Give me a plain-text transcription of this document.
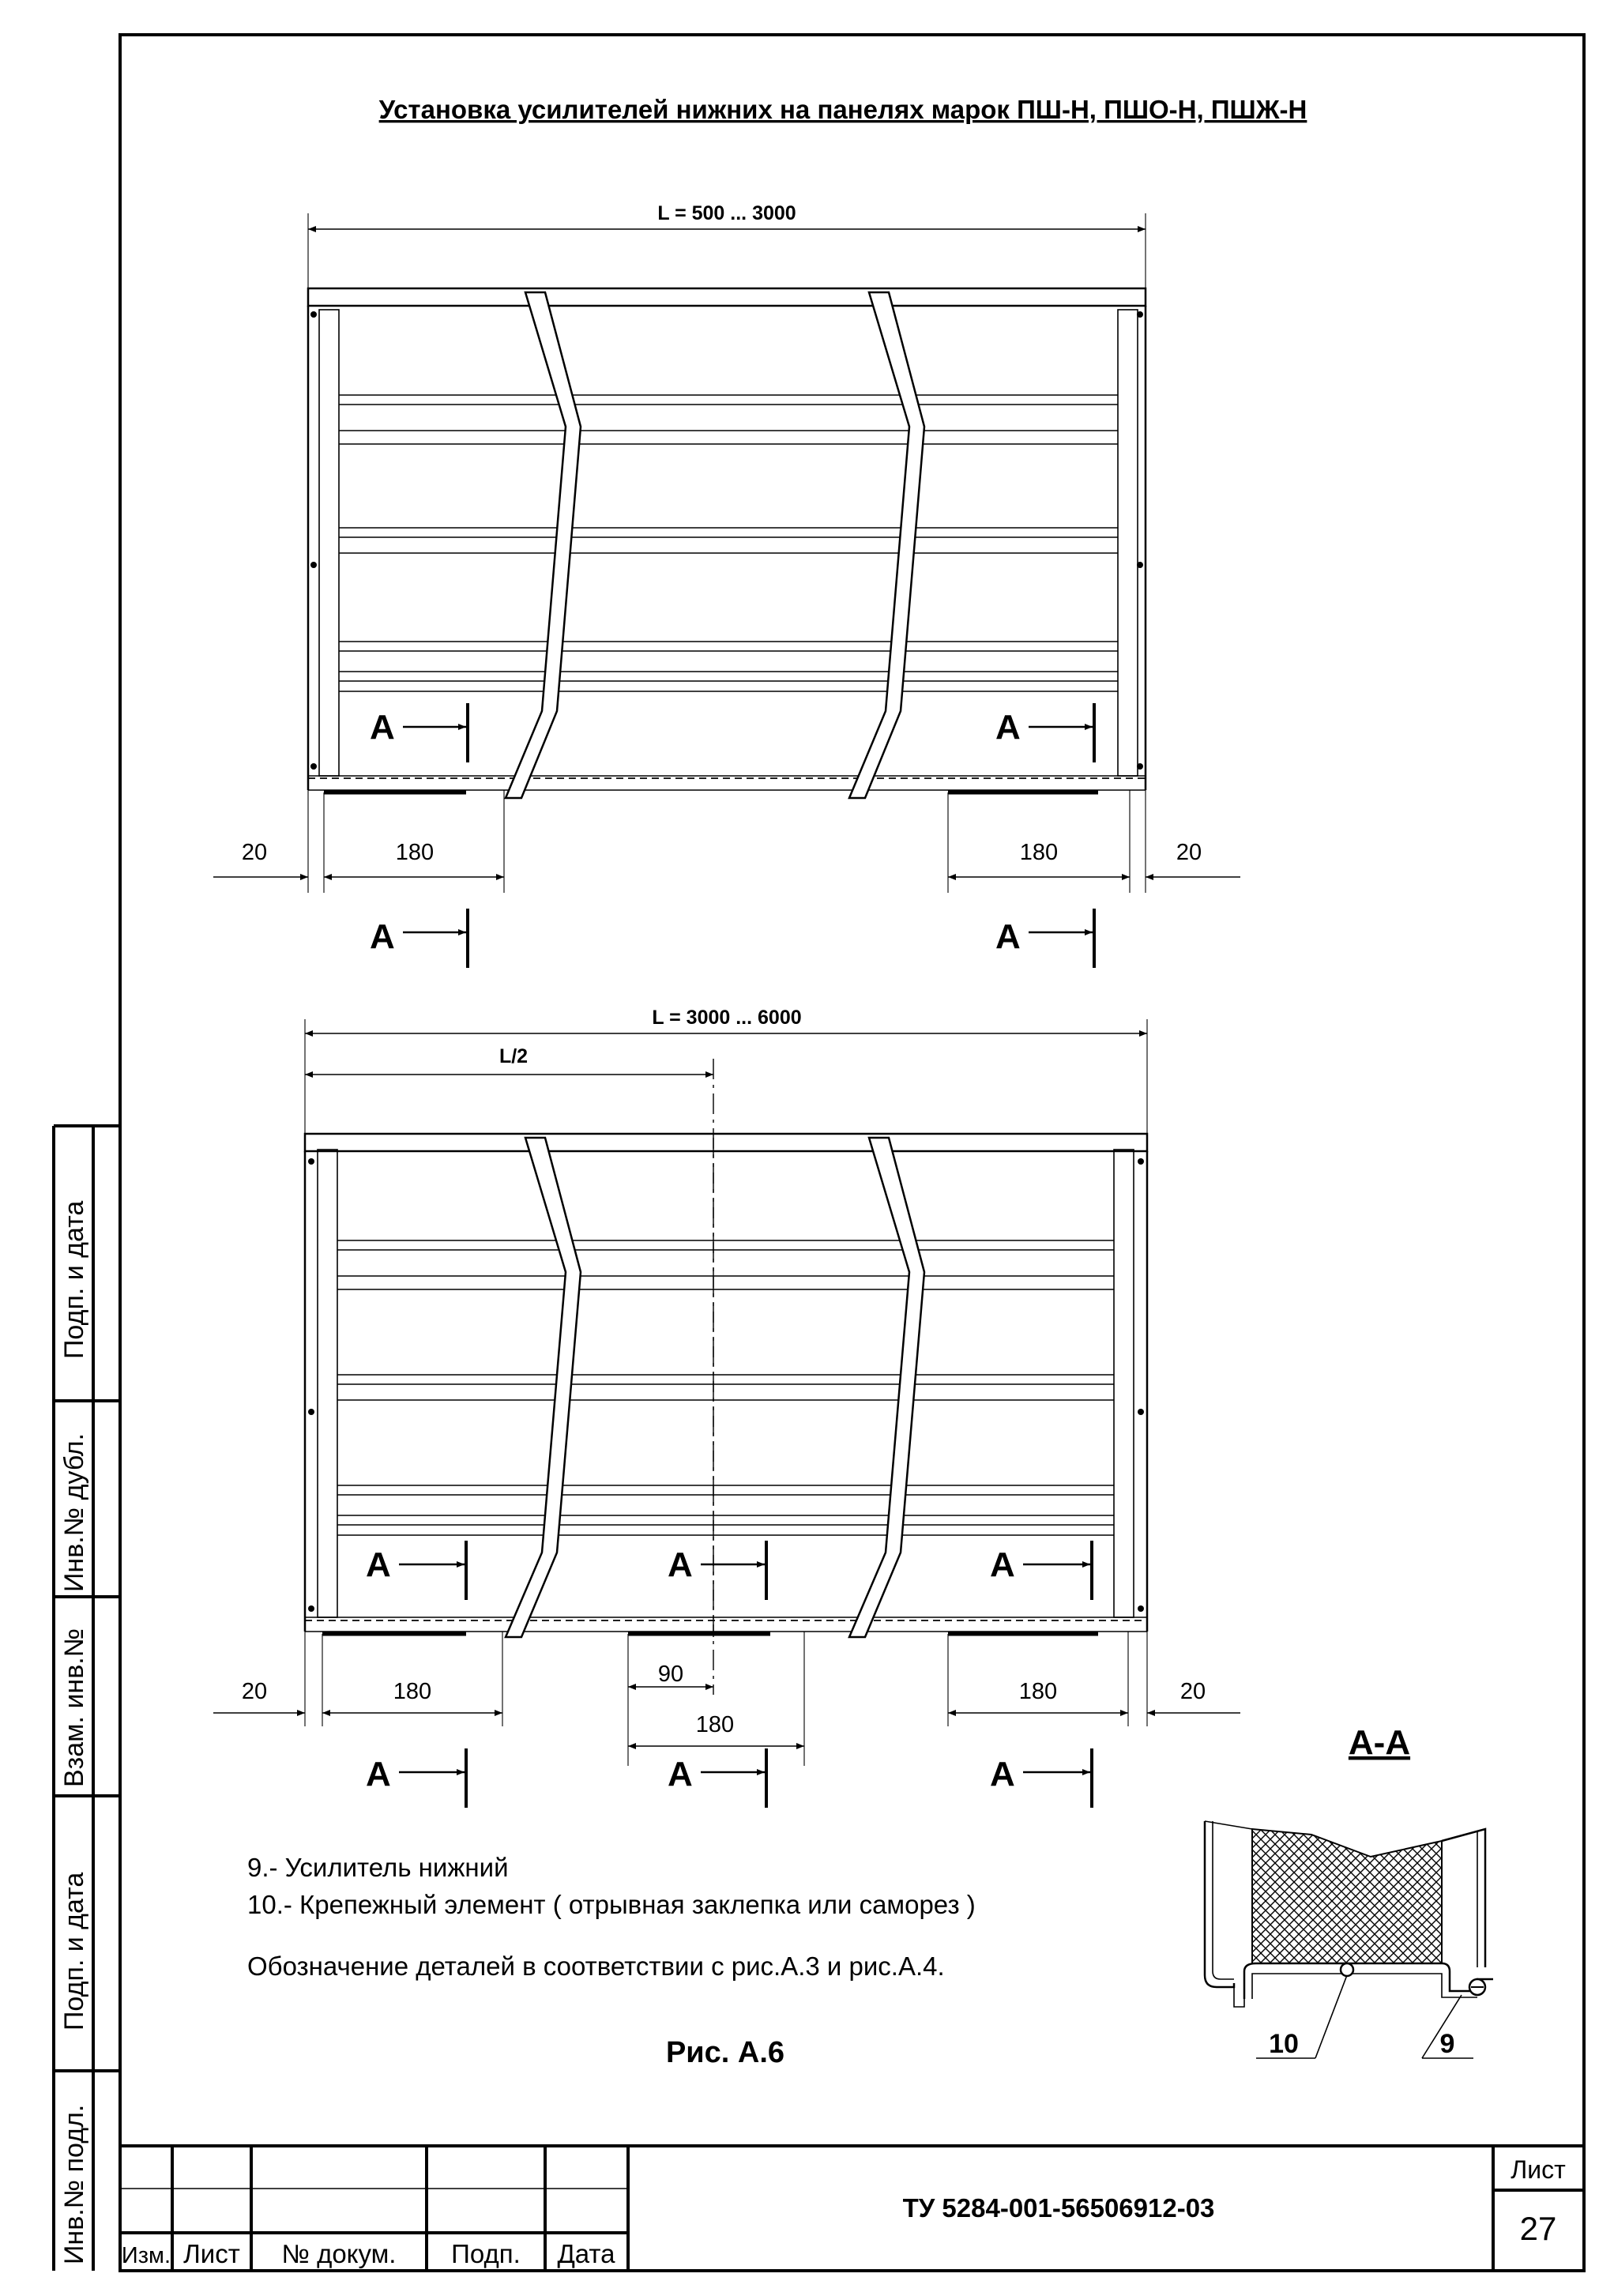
Подп. и дата
Инв.№ дубл.
Взам. инв.№
Подп. и дата
Инв.№ подл.
Установка усилителей нижних на панелях марок ПШ-Н, ПШО-Н, ПШЖ-Н
L = 500 ... 3000
А	А
20	180	180	20
А	А
L = 3000 ... 6000
L/2
А	А	А
20	180	180	20
90
180
А	А	А
А-А
10	9
9.- Усилитель нижний
10.- Крепежный элемент ( отрывная заклепка или саморез )
Обозначение деталей в соответствии с рис.А.3 и рис.А.4.
Рис. А.6
Изм. Лист № докум. Подп. Дата
ТУ 5284-001-56506912-03
Лист
27
